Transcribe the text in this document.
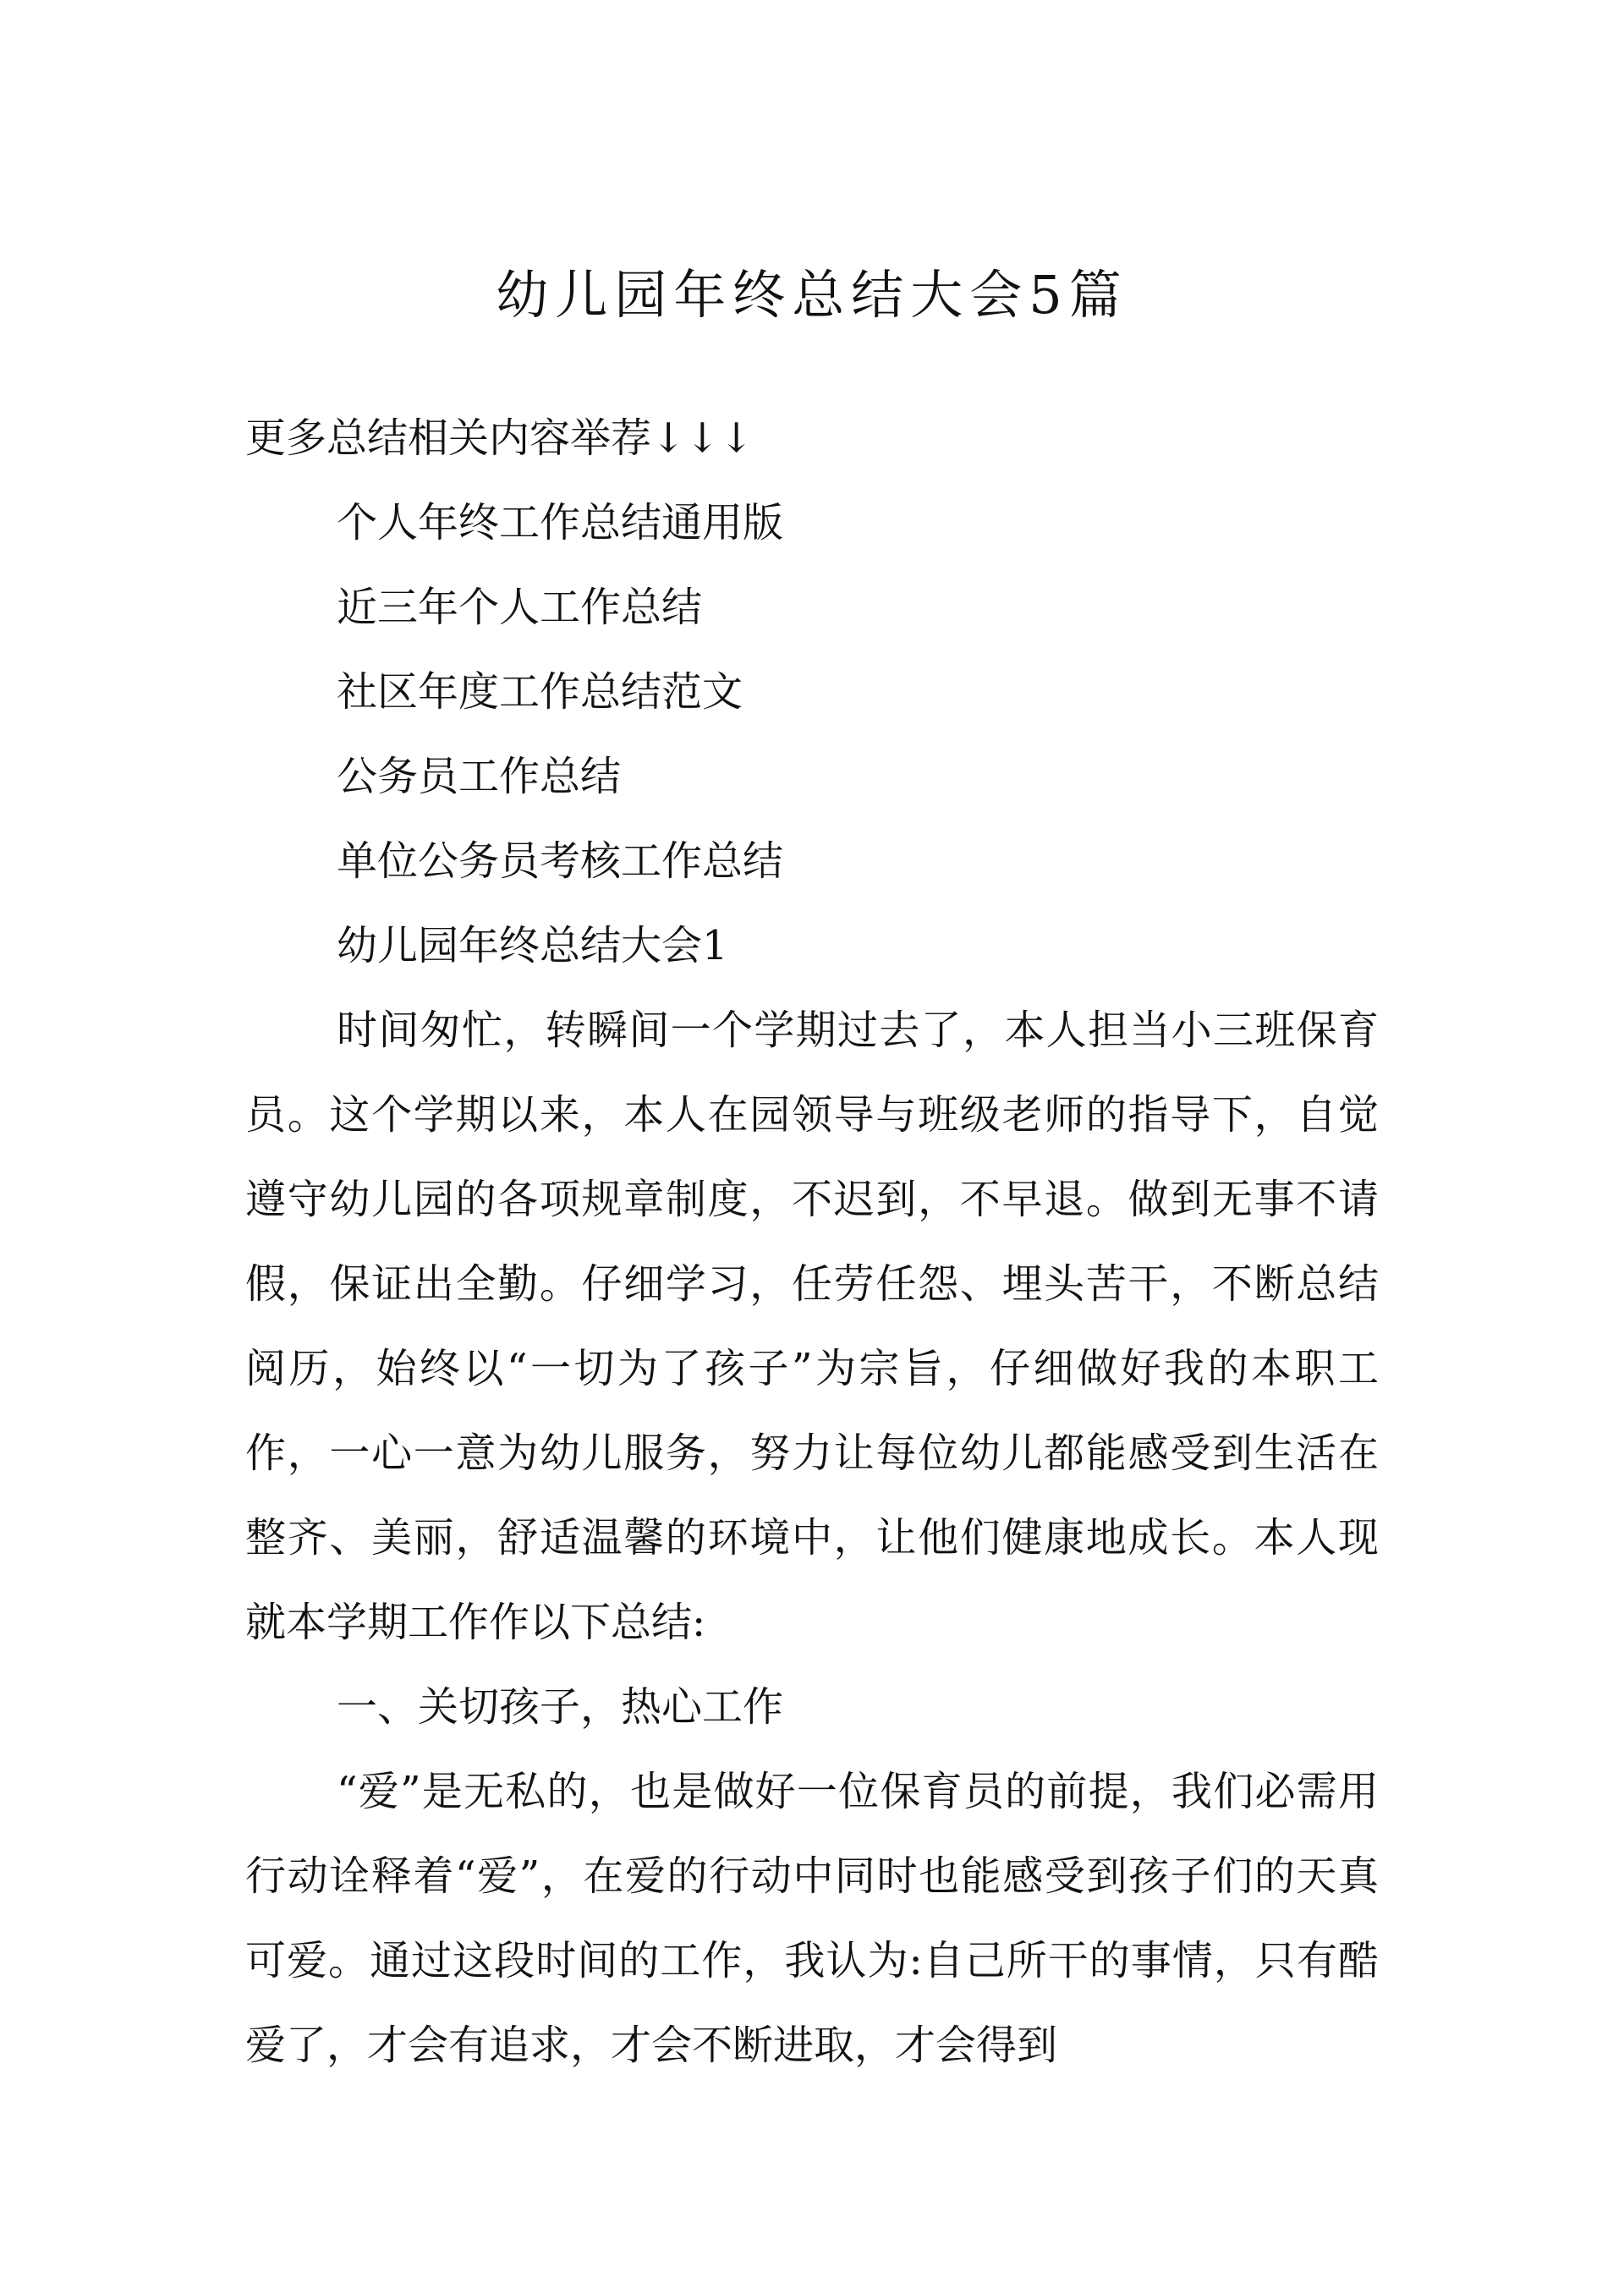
幼儿园年终总结大会5篇
更多总结相关内容举荐↓↓↓
个人年终工作总结通用版
近三年个人工作总结
社区年度工作总结范文
公务员工作总结
单位公务员考核工作总结
幼儿园年终总结大会1
时间匆忙，转瞬间一个学期过去了，本人担当小三班保育员。这个学期以来，本人在园领导与班级老师的指导下，自觉遵守幼儿园的各项规章制度，不迟到，不早退。做到无事不请假，保证出全勤。仔细学习，任劳任怨、埋头苦干，不断总结阅历，始终以“一切为了孩子”为宗旨，仔细做好我的本职工作，一心一意为幼儿服务，努力让每位幼儿都能感受到生活在整齐、美丽，舒适温馨的环境中，让他们健康地成长。本人现就本学期工作作以下总结:
一、关切孩子，热心工作
“爱”是无私的，也是做好一位保育员的前提，我们必需用行动诠释着“爱”，在爱的行动中同时也能感受到孩子们的天真可爱。通过这段时间的工作，我认为:自己所干的事情，只有酷爱了，才会有追求，才会不断进取，才会得到
